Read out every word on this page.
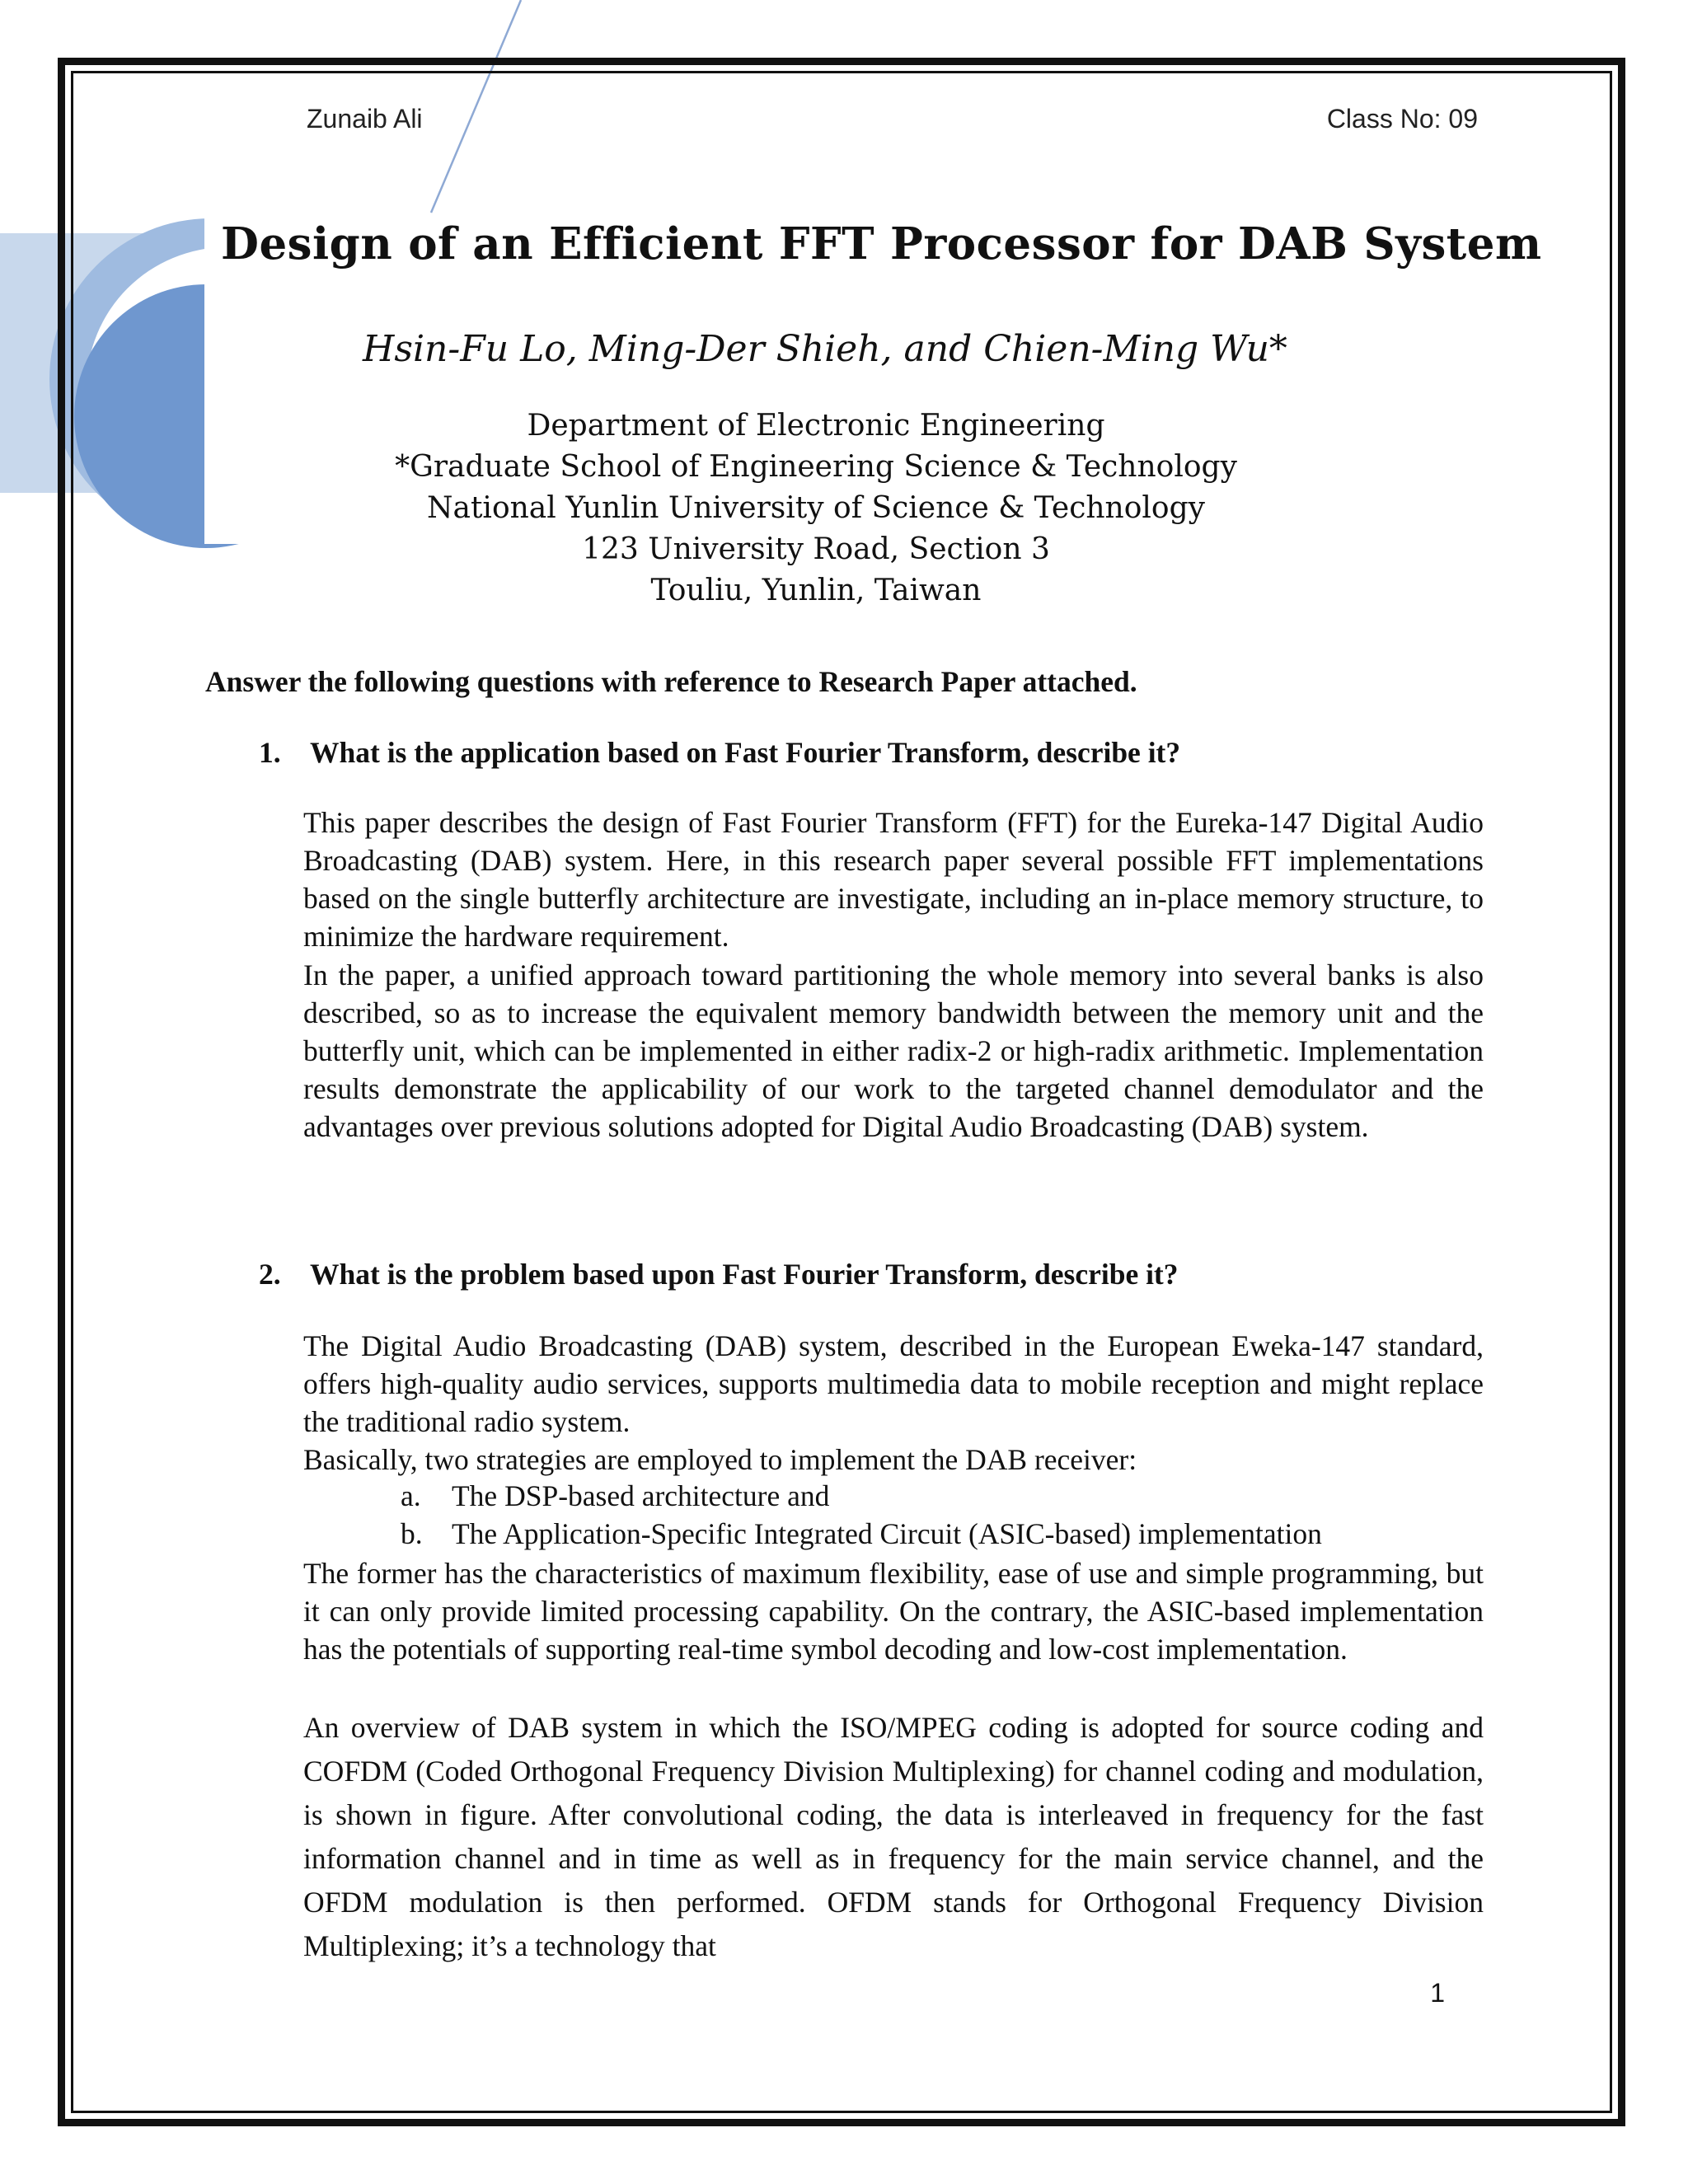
Zunaib Ali	Class No: 09
Design of an Efficient FFT Processor for DAB System
Hsin-Fu Lo, Ming-Der Shieh, and Chien-Ming Wu*
Department of Electronic Engineering
*Graduate School of Engineering Science & Technology
National Yunlin University of Science & Technology
123 University Road, Section 3
Touliu, Yunlin, Taiwan
Answer the following questions with reference to Research Paper attached.
1. What is the application based on Fast Fourier Transform, describe it?

This paper describes the design of Fast Fourier Transform (FFT) for the Eureka-147 Digital Audio Broadcasting (DAB) system. Here, in this research paper several possible FFT implementations based on the single butterfly architecture are investigate, including an in-place memory structure, to minimize the hardware requirement.

In the paper, a unified approach toward partitioning the whole memory into several banks is also described, so as to increase the equivalent memory bandwidth between the memory unit and the butterfly unit, which can be implemented in either radix-2 or high-radix arithmetic. Implementation results demonstrate the applicability of our work to the targeted channel demodulator and the advantages over previous solutions adopted for Digital Audio Broadcasting (DAB) system.

2. What is the problem based upon Fast Fourier Transform, describe it?

The Digital Audio Broadcasting (DAB) system, described in the European Eweka-147 standard, offers high-quality audio services, supports multimedia data to mobile reception and might replace the traditional radio system.

Basically, two strategies are employed to implement the DAB receiver:

a. The DSP-based architecture and
b. The Application-Specific Integrated Circuit (ASIC-based) implementation

The former has the characteristics of maximum flexibility, ease of use and simple programming, but it can only provide limited processing capability. On the contrary, the ASIC-based implementation has the potentials of supporting real-time symbol decoding and low-cost implementation.

An overview of DAB system in which the ISO/MPEG coding is adopted for source coding and COFDM (Coded Orthogonal Frequency Division Multiplexing) for channel coding and modulation, is shown in figure. After convolutional coding, the data is interleaved in frequency for the fast information channel and in time as well as in frequency for the main service channel, and the OFDM modulation is then performed. OFDM stands for Orthogonal Frequency Division Multiplexing; it’s a technology that

1
